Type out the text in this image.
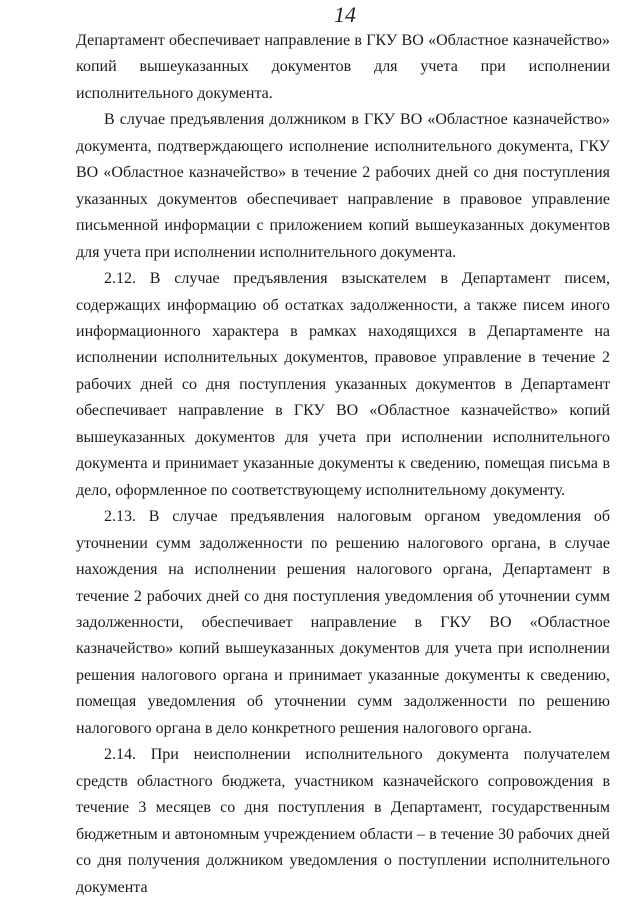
14

Департамент обеспечивает направление в ГКУ ВО «Областное казначейство» копий вышеуказанных документов для учета при исполнении исполнительного документа.

В случае предъявления должником в ГКУ ВО «Областное казначейство» документа, подтверждающего исполнение исполнительного документа, ГКУ ВО «Областное казначейство» в течение 2 рабочих дней со дня поступления указанных документов обеспечивает направление в правовое управление письменной информации с приложением копий вышеуказанных документов для учета при исполнении исполнительного документа.

2.12. В случае предъявления взыскателем в Департамент писем, содержащих информацию об остатках задолженности, а также писем иного информационного характера в рамках находящихся в Департаменте на исполнении исполнительных документов, правовое управление в течение 2 рабочих дней со дня поступления указанных документов в Департамент обеспечивает направление в ГКУ ВО «Областное казначейство» копий вышеуказанных документов для учета при исполнении исполнительного документа и принимает указанные документы к сведению, помещая письма в дело, оформленное по соответствующему исполнительному документу.

2.13. В случае предъявления налоговым органом уведомления об уточнении сумм задолженности по решению налогового органа, в случае нахождения на исполнении решения налогового органа, Департамент в течение 2 рабочих дней со дня поступления уведомления об уточнении сумм задолженности, обеспечивает направление в ГКУ ВО «Областное казначейство» копий вышеуказанных документов для учета при исполнении решения налогового органа и принимает указанные документы к сведению, помещая уведомления об уточнении сумм задолженности по решению налогового органа в дело конкретного решения налогового органа.

2.14. При неисполнении исполнительного документа получателем средств областного бюджета, участником казначейского сопровождения в течение 3 месяцев со дня поступления в Департамент, государственным бюджетным и автономным учреждением области – в течение 30 рабочих дней со дня получения должником уведомления о поступлении исполнительного документа
